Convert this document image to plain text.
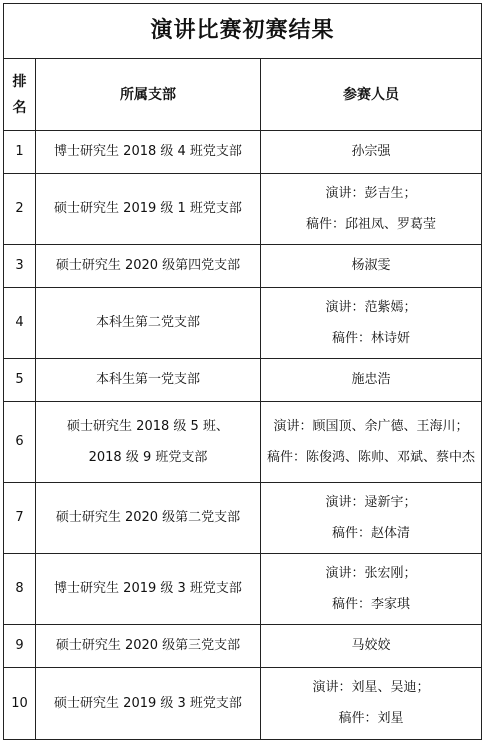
演讲比赛初赛结果		
排名	所属支部	参赛人员
1	博士研究生 2018 级 4 班党支部	孙宗强

2	硕士研究生 2019 级 1 班党支部	演讲：彭吉生；
稿件：邱祖凤、罗葛莹

3	硕士研究生 2020 级第四党支部	杨淑雯

4	本科生第二党支部	演讲：范紫嫣；
稿件：林诗妍

5	本科生第一党支部	施忠浩

6	硕士研究生 2018 级 5 班、
2018 级 9 班党支部	演讲：顾国顶、余广德、王海川；
稿件：陈俊鸿、陈帅、邓斌、蔡中杰

7	硕士研究生 2020 级第二党支部	演讲：逯新宇；
稿件：赵体清

8	博士研究生 2019 级 3 班党支部	演讲：张宏刚；
稿件：李家琪

9	硕士研究生 2020 级第三党支部	马姣姣

10	硕士研究生 2019 级 3 班党支部	演讲：刘星、吴迪；
稿件：刘星
